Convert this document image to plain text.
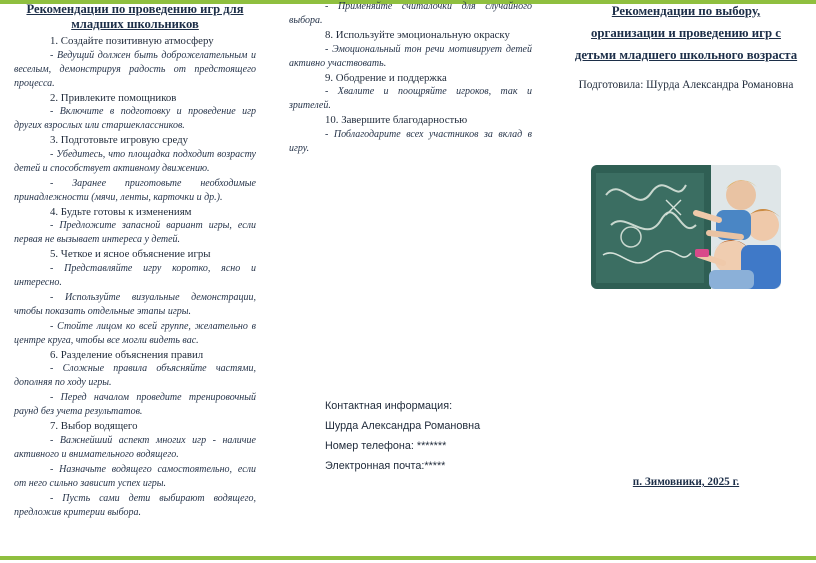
Рекомендации по проведению игр для младших школьников
1. Создайте позитивную атмосферу
- Ведущий должен быть доброжелательным и веселым, демонстрируя радость от предстоящего процесса.
2. Привлеките помощников
- Включите в подготовку и проведение игр других взрослых или старшеклассников.
3. Подготовьте игровую среду
- Убедитесь, что площадка подходит возрасту детей и способствует активному движению.
- Заранее приготовьте необходимые принадлежности (мячи, ленты, карточки и др.).
4. Будьте готовы к изменениям
- Предложите запасной вариант игры, если первая не вызывает интереса у детей.
5. Четкое и ясное объяснение игры
- Представляйте игру коротко, ясно и интересно.
- Используйте визуальные демонстрации, чтобы показать отдельные этапы игры.
- Стойте лицом ко всей группе, желательно в центре круга, чтобы все могли видеть вас.
6. Разделение объяснения правил
- Сложные правила объясняйте частями, дополняя по ходу игры.
- Перед началом проведите тренировочный раунд без учета результатов.
7. Выбор водящего
- Важнейший аспект многих игр - наличие активного и внимательного водящего.
- Назначьте водящего самостоятельно, если от него сильно зависит успех игры.
- Пусть сами дети выбирают водящего, предложив критерии выбора.
- Применяйте считалочки для случайного выбора.
8. Используйте эмоциональную окраску
- Эмоциональный тон речи мотивирует детей активно участвовать.
9. Ободрение и поддержка
- Хвалите и поощряйте игроков, так и зрителей.
10. Завершите благодарностью
- Поблагодарите всех участников за вклад в игру.
Контактная информация:
Шурда Александра Романовна
Номер телефона: *******
Электронная почта:*****
Рекомендации по выбору,
организации и проведению игр с
детьми младшего школьного возраста
Подготовила: Шурда Александра Романовна
п. Зимовники, 2025 г.
